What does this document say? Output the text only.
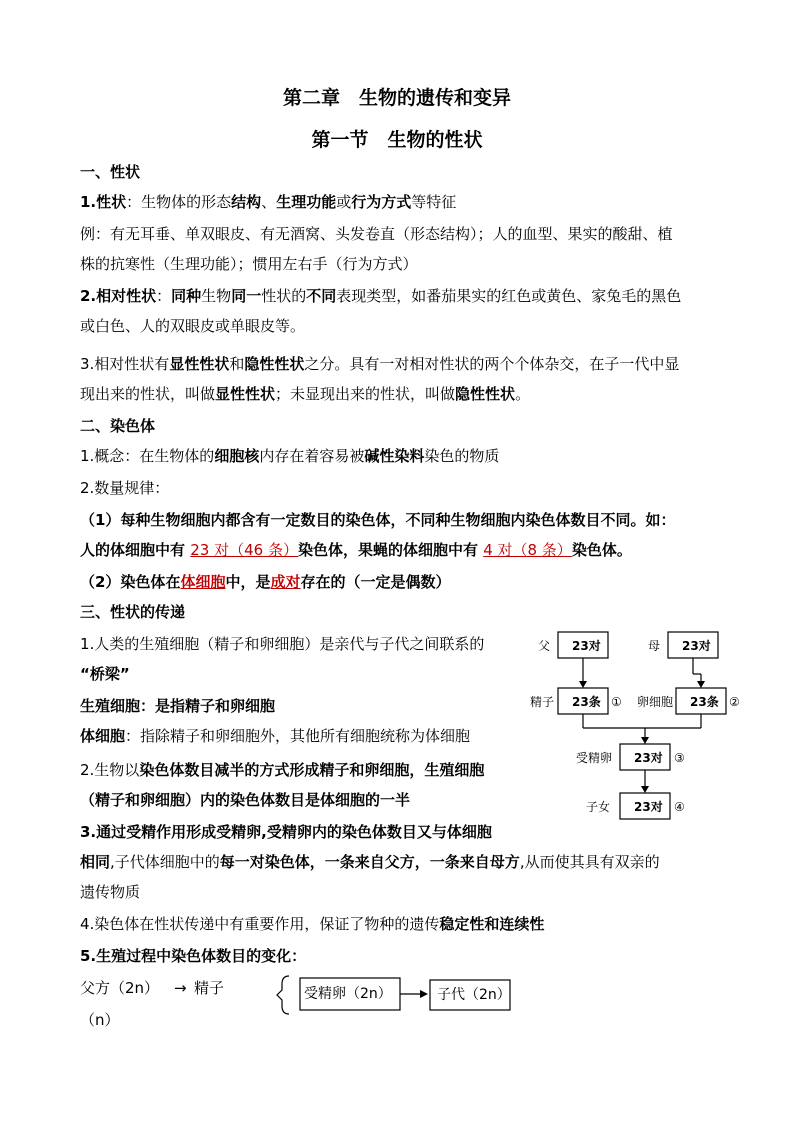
第二章　生物的遗传和变异
第一节　生物的性状
一、性状
1.性状：生物体的形态结构、生理功能或行为方式等特征
例：有无耳垂、单双眼皮、有无酒窝、头发卷直（形态结构）；人的血型、果实的酸甜、植
株的抗寒性（生理功能）；惯用左右手（行为方式）
2.相对性状：同种生物同一性状的不同表现类型，如番茄果实的红色或黄色、家兔毛的黑色
或白色、人的双眼皮或单眼皮等。
3.相对性状有显性性状和隐性性状之分。具有一对相对性状的两个个体杂交，在子一代中显
现出来的性状，叫做显性性状；未显现出来的性状，叫做隐性性状。
二、染色体
1.概念：在生物体的细胞核内存在着容易被碱性染料染色的物质
2.数量规律：
（1）每种生物细胞内都含有一定数目的染色体，不同种生物细胞内染色体数目不同。如：
人的体细胞中有 23 对（46 条）染色体，果蝇的体细胞中有 4 对（8 条）染色体。
（2）染色体在体细胞中，是成对存在的（一定是偶数）
三、性状的传递
1.人类的生殖细胞（精子和卵细胞）是亲代与子代之间联系的
“桥梁”
生殖细胞：是指精子和卵细胞
体细胞：指除精子和卵细胞外，其他所有细胞统称为体细胞
2.生物以染色体数目减半的方式形成精子和卵细胞，生殖细胞
（精子和卵细胞）内的染色体数目是体细胞的一半
3.通过受精作用形成受精卵,受精卵内的染色体数目又与体细胞
相同,子代体细胞中的每一对染色体，一条来自父方，一条来自母方,从而使其具有双亲的
遗传物质
4.染色体在性状传递中有重要作用，保证了物种的遗传稳定性和连续性
5.生殖过程中染色体数目的变化：
父方（2n） → 精子
（n）
受精卵（2n）	子代（2n）
父 23对	母 23对
精子 23条 ① 卵细胞 23条 ②
受精卵 23对 ③
子女 23对 ④
